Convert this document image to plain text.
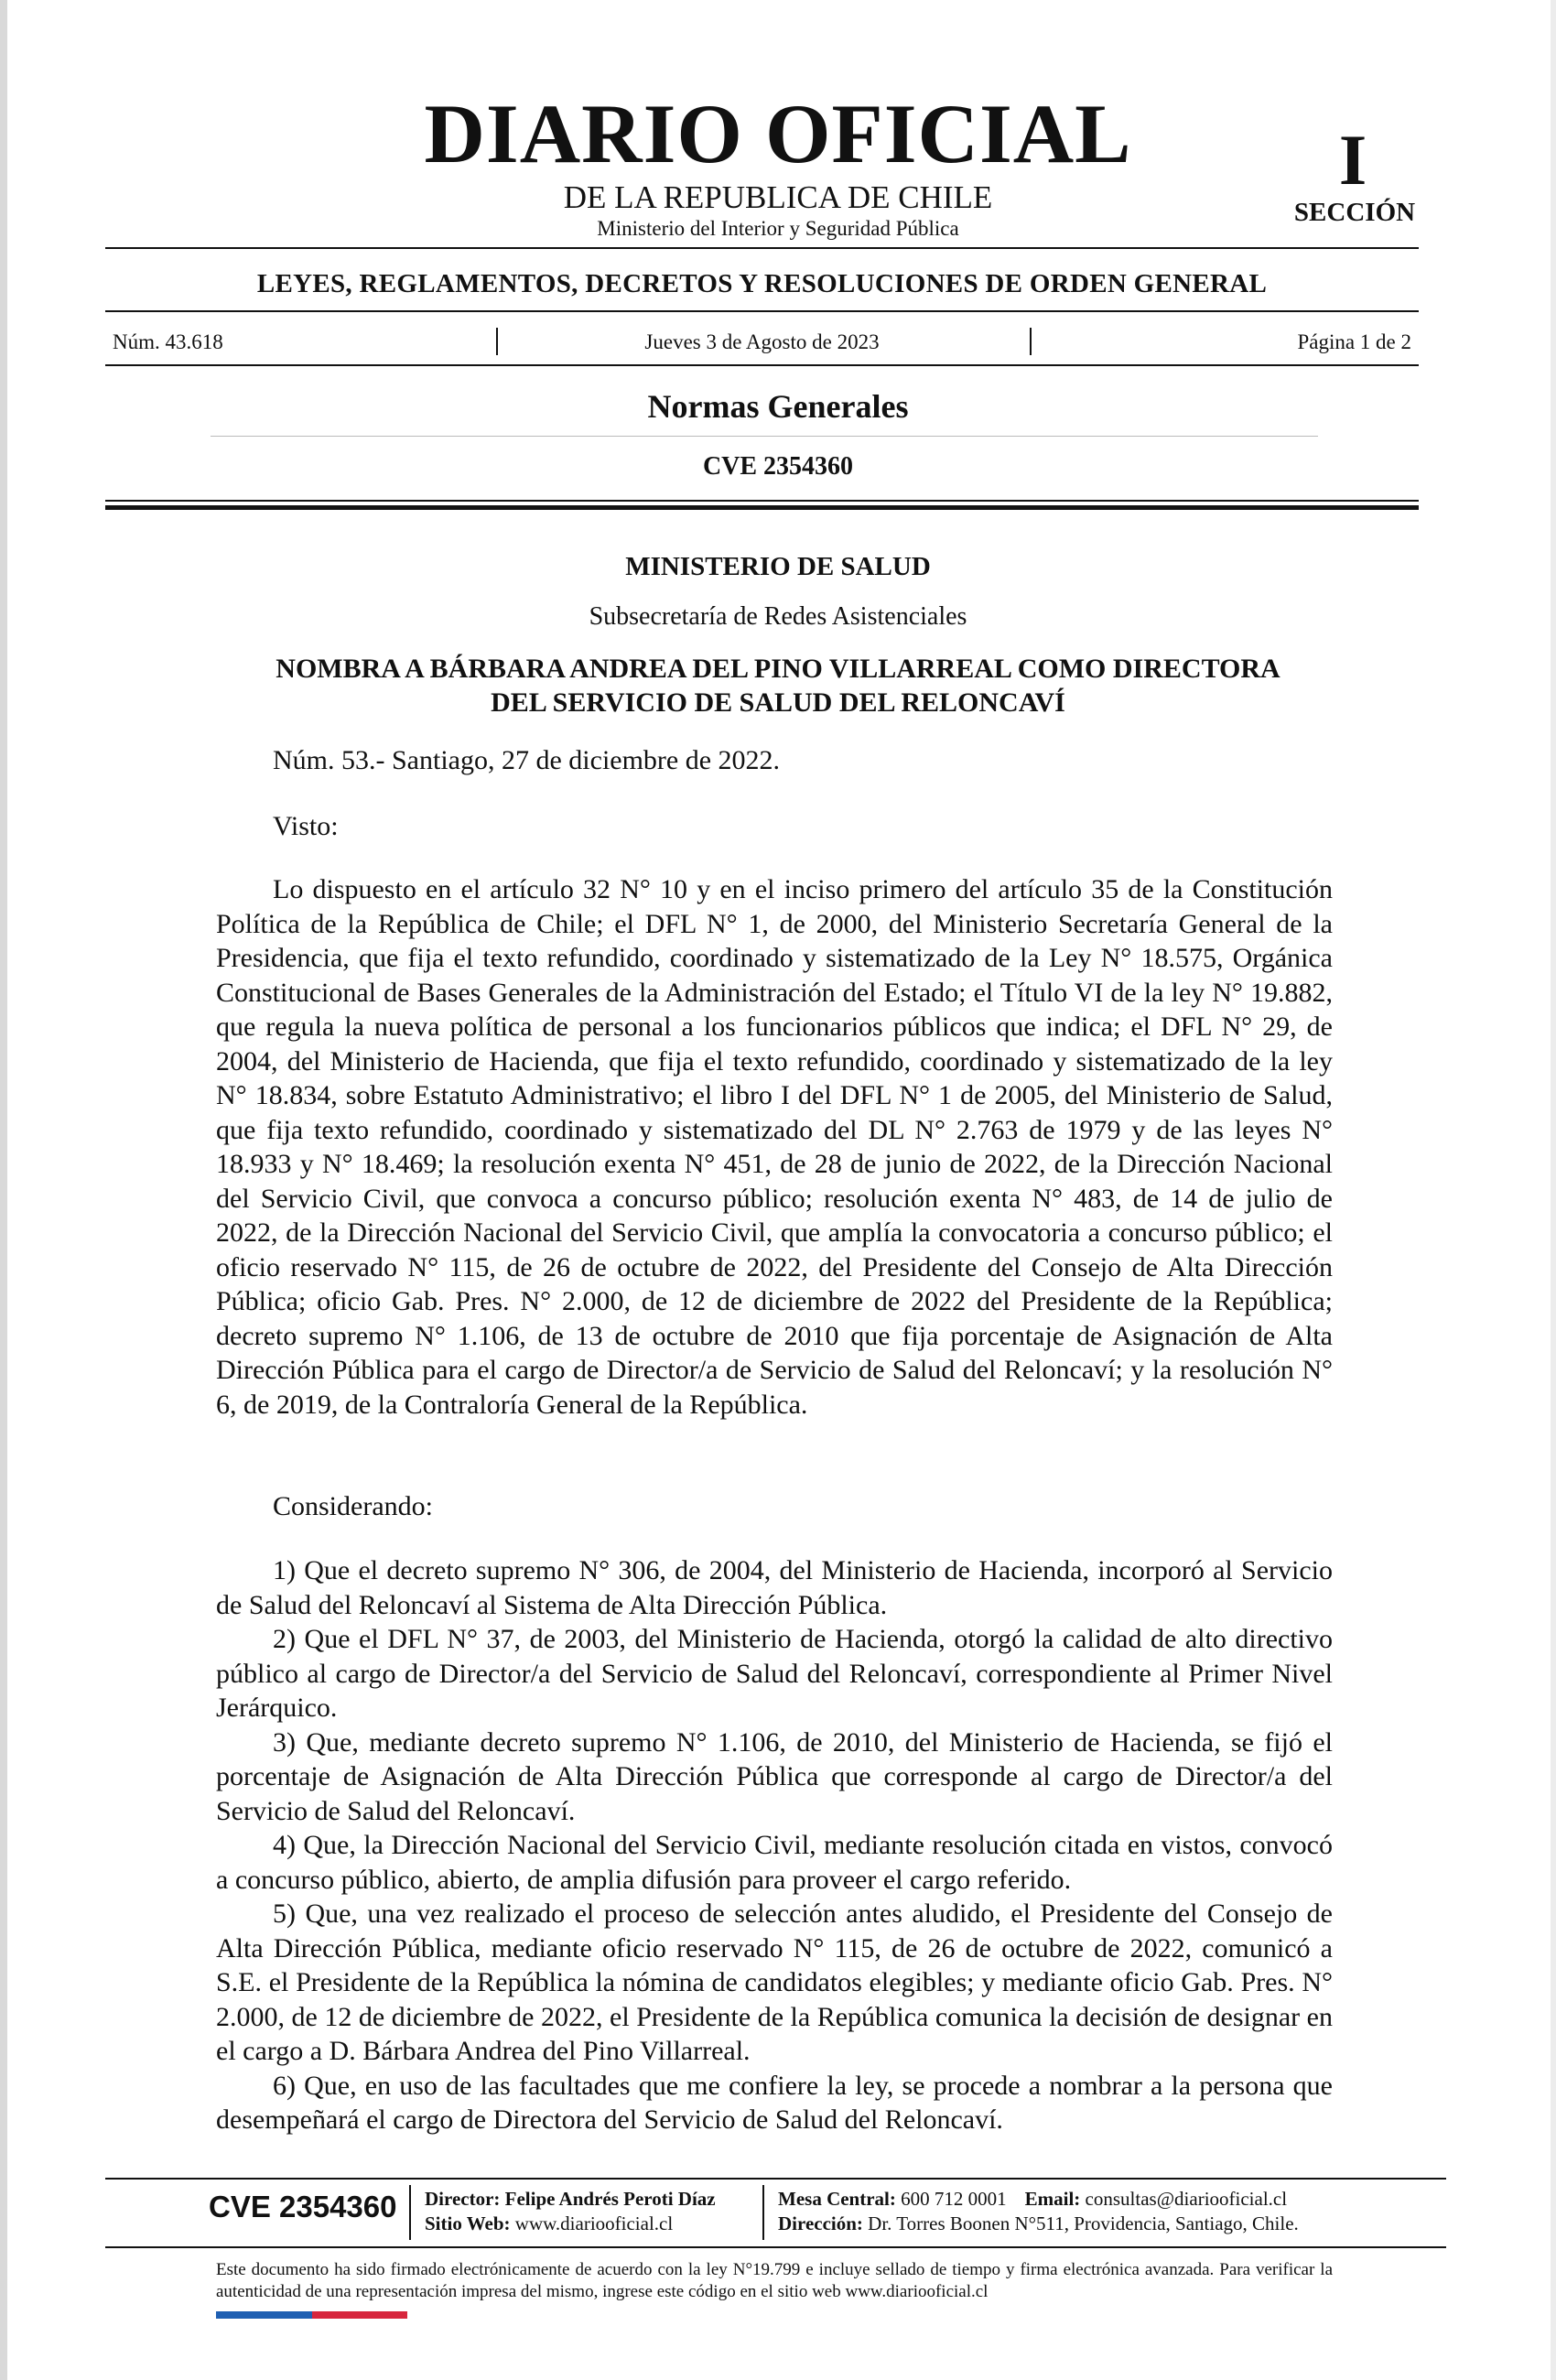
DIARIO OFICIAL
DE LA REPUBLICA DE CHILE
Ministerio del Interior y Seguridad Pública
I
SECCIÓN
LEYES, REGLAMENTOS, DECRETOS Y RESOLUCIONES DE ORDEN GENERAL
Núm. 43.618	Jueves 3 de Agosto de 2023	Página 1 de 2
Normas Generales
CVE 2354360
MINISTERIO DE SALUD
Subsecretaría de Redes Asistenciales
NOMBRA A BÁRBARA ANDREA DEL PINO VILLARREAL COMO DIRECTORA
DEL SERVICIO DE SALUD DEL RELONCAVÍ
Núm. 53.- Santiago, 27 de diciembre de 2022.
Visto:

Lo dispuesto en el artículo 32 N° 10 y en el inciso primero del artículo 35 de la Constitución Política de la República de Chile; el DFL N° 1, de 2000, del Ministerio Secretaría General de la Presidencia, que fija el texto refundido, coordinado y sistematizado de la Ley N° 18.575, Orgánica Constitucional de Bases Generales de la Administración del Estado; el Título VI de la ley N° 19.882, que regula la nueva política de personal a los funcionarios públicos que indica; el DFL N° 29, de 2004, del Ministerio de Hacienda, que fija el texto refundido, coordinado y sistematizado de la ley N° 18.834, sobre Estatuto Administrativo; el libro I del DFL N° 1 de 2005, del Ministerio de Salud, que fija texto refundido, coordinado y sistematizado del DL N° 2.763 de 1979 y de las leyes N° 18.933 y N° 18.469; la resolución exenta N° 451, de 28 de junio de 2022, de la Dirección Nacional del Servicio Civil, que convoca a concurso público; resolución exenta N° 483, de 14 de julio de 2022, de la Dirección Nacional del Servicio Civil, que amplía la convocatoria a concurso público; el oficio reservado N° 115, de 26 de octubre de 2022, del Presidente del Consejo de Alta Dirección Pública; oficio Gab. Pres. N° 2.000, de 12 de diciembre de 2022 del Presidente de la República; decreto supremo N° 1.106, de 13 de octubre de 2010 que fija porcentaje de Asignación de Alta Dirección Pública para el cargo de Director/a de Servicio de Salud del Reloncaví; y la resolución N° 6, de 2019, de la Contraloría General de la República.

Considerando:

1) Que el decreto supremo N° 306, de 2004, del Ministerio de Hacienda, incorporó al Servicio de Salud del Reloncaví al Sistema de Alta Dirección Pública.

2) Que el DFL N° 37, de 2003, del Ministerio de Hacienda, otorgó la calidad de alto directivo público al cargo de Director/a del Servicio de Salud del Reloncaví, correspondiente al Primer Nivel Jerárquico.

3) Que, mediante decreto supremo N° 1.106, de 2010, del Ministerio de Hacienda, se fijó el porcentaje de Asignación de Alta Dirección Pública que corresponde al cargo de Director/a del Servicio de Salud del Reloncaví.

4) Que, la Dirección Nacional del Servicio Civil, mediante resolución citada en vistos, convocó a concurso público, abierto, de amplia difusión para proveer el cargo referido.

5) Que, una vez realizado el proceso de selección antes aludido, el Presidente del Consejo de Alta Dirección Pública, mediante oficio reservado N° 115, de 26 de octubre de 2022, comunicó a S.E. el Presidente de la República la nómina de candidatos elegibles; y mediante oficio Gab. Pres. N° 2.000, de 12 de diciembre de 2022, el Presidente de la República comunica la decisión de designar en el cargo a D. Bárbara Andrea del Pino Villarreal.

6) Que, en uso de las facultades que me confiere la ley, se procede a nombrar a la persona que desempeñará el cargo de Directora del Servicio de Salud del Reloncaví.

CVE 2354360 Director: Felipe Andrés Peroti Díaz
Sitio Web: www.diariooficial.cl
Mesa Central: 600 712 0001 Email: consultas@diariooficial.cl
Dirección: Dr. Torres Boonen N°511, Providencia, Santiago, Chile.
Este documento ha sido firmado electrónicamente de acuerdo con la ley N°19.799 e incluye sellado de tiempo y firma electrónica avanzada. Para verificar la autenticidad de una representación impresa del mismo, ingrese este código en el sitio web www.diariooficial.cl
